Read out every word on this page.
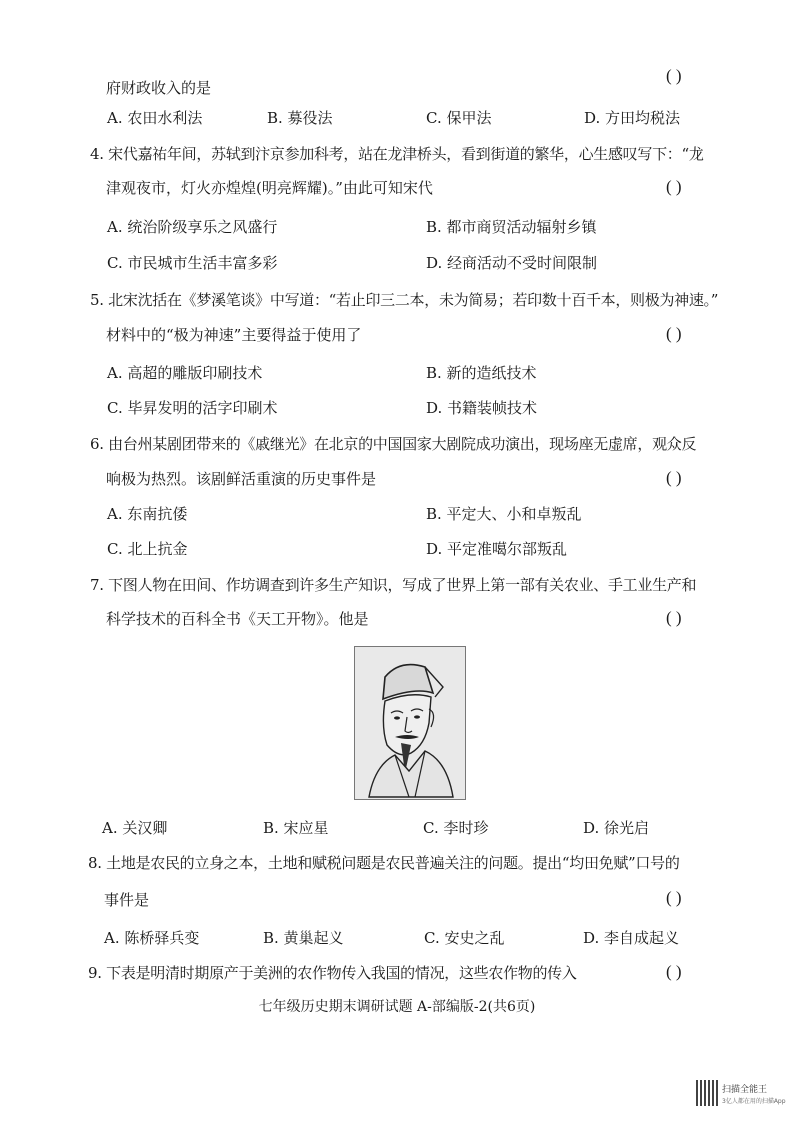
府财政收入的是
( )
A. 农田水利法	B. 募役法	C. 保甲法	D. 方田均税法
4. 宋代嘉祐年间，苏轼到汴京参加科考，站在龙津桥头，看到街道的繁华，心生感叹写下：“龙
津观夜市，灯火亦煌煌(明亮辉耀)。”由此可知宋代	( )
A. 统治阶级享乐之风盛行	B. 都市商贸活动辐射乡镇
C. 市民城市生活丰富多彩	D. 经商活动不受时间限制
5. 北宋沈括在《梦溪笔谈》中写道：“若止印三二本，未为简易；若印数十百千本，则极为神速。”
材料中的“极为神速”主要得益于使用了	( )
A. 高超的雕版印刷技术	B. 新的造纸技术
C. 毕昇发明的活字印刷术	D. 书籍装帧技术
6. 由台州某剧团带来的《戚继光》在北京的中国国家大剧院成功演出，现场座无虚席，观众反
响极为热烈。该剧鲜活重演的历史事件是	( )
A. 东南抗倭	B. 平定大、小和卓叛乱
C. 北上抗金	D. 平定准噶尔部叛乱
7. 下图人物在田间、作坊调查到许多生产知识，写成了世界上第一部有关农业、手工业生产和
科学技术的百科全书《天工开物》。他是	( )
A. 关汉卿	B. 宋应星	C. 李时珍	D. 徐光启
8. 土地是农民的立身之本，土地和赋税问题是农民普遍关注的问题。提出“均田免赋”口号的
事件是	( )
A. 陈桥驿兵变	B. 黄巢起义	C. 安史之乱	D. 李自成起义
9. 下表是明清时期原产于美洲的农作物传入我国的情况，这些农作物的传入	( )
七年级历史期末调研试题 A-部编版-2(共6页)
扫描全能王
3亿人都在用的扫描App
